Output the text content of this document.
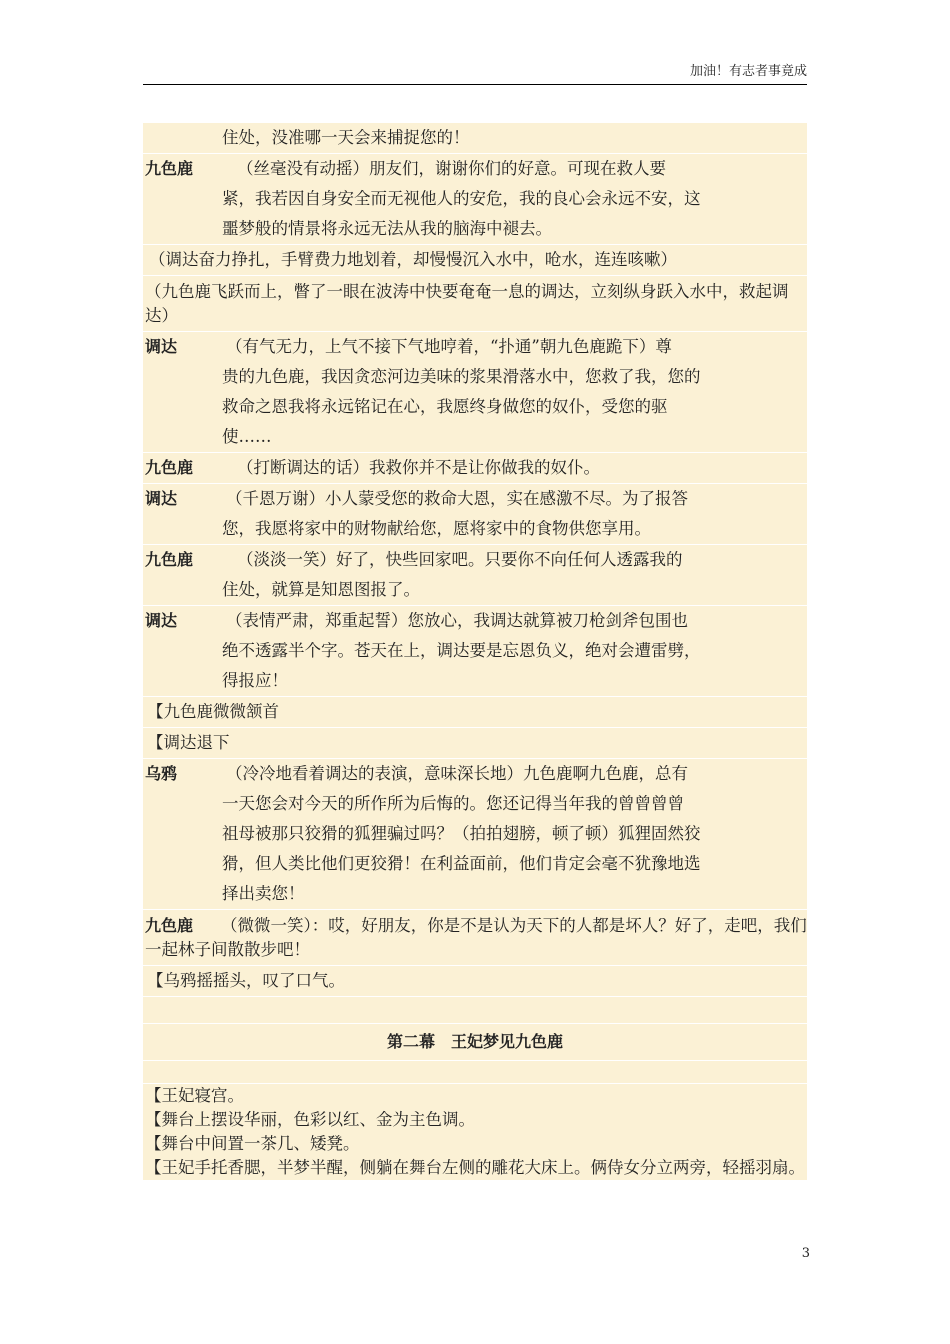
加油！有志者事竟成
住处，没准哪一天会来捕捉您的！
九色鹿	（丝毫没有动摇）朋友们，谢谢你们的好意。可现在救人要
紧，我若因自身安全而无视他人的安危，我的良心会永远不安，这
噩梦般的情景将永远无法从我的脑海中褪去。
（调达奋力挣扎，手臂费力地划着，却慢慢沉入水中，呛水，连连咳嗽）
（九色鹿飞跃而上，瞥了一眼在波涛中快要奄奄一息的调达，立刻纵身跃入水中，救起调达）
调达	（有气无力，上气不接下气地哼着，“扑通”朝九色鹿跪下）尊
贵的九色鹿，我因贪恋河边美味的浆果滑落水中，您救了我，您的
救命之恩我将永远铭记在心，我愿终身做您的奴仆，受您的驱
使……
九色鹿	（打断调达的话）我救你并不是让你做我的奴仆。
调达	（千恩万谢）小人蒙受您的救命大恩，实在感激不尽。为了报答
您，我愿将家中的财物献给您，愿将家中的食物供您享用。
九色鹿	（淡淡一笑）好了，快些回家吧。只要你不向任何人透露我的
住处，就算是知恩图报了。
调达	（表情严肃，郑重起誓）您放心，我调达就算被刀枪剑斧包围也
绝不透露半个字。苍天在上，调达要是忘恩负义，绝对会遭雷劈，
得报应！
【九色鹿微微颔首
【调达退下
乌鸦	（冷冷地看着调达的表演，意味深长地）九色鹿啊九色鹿，总有
一天您会对今天的所作所为后悔的。您还记得当年我的曾曾曾曾
祖母被那只狡猾的狐狸骗过吗？（拍拍翅膀，顿了顿）狐狸固然狡
猾，但人类比他们更狡猾！在利益面前，他们肯定会毫不犹豫地选
择出卖您！
九色鹿 （微微一笑）：哎，好朋友，你是不是认为天下的人都是坏人？好了，走吧，我们一起林子间散散步吧！
【乌鸦摇摇头，叹了口气。
第二幕　王妃梦见九色鹿
【王妃寝宫。
【舞台上摆设华丽，色彩以红、金为主色调。
【舞台中间置一茶几、矮凳。
【王妃手托香腮，半梦半醒，侧躺在舞台左侧的雕花大床上。俩侍女分立两旁，轻摇羽扇。
3
